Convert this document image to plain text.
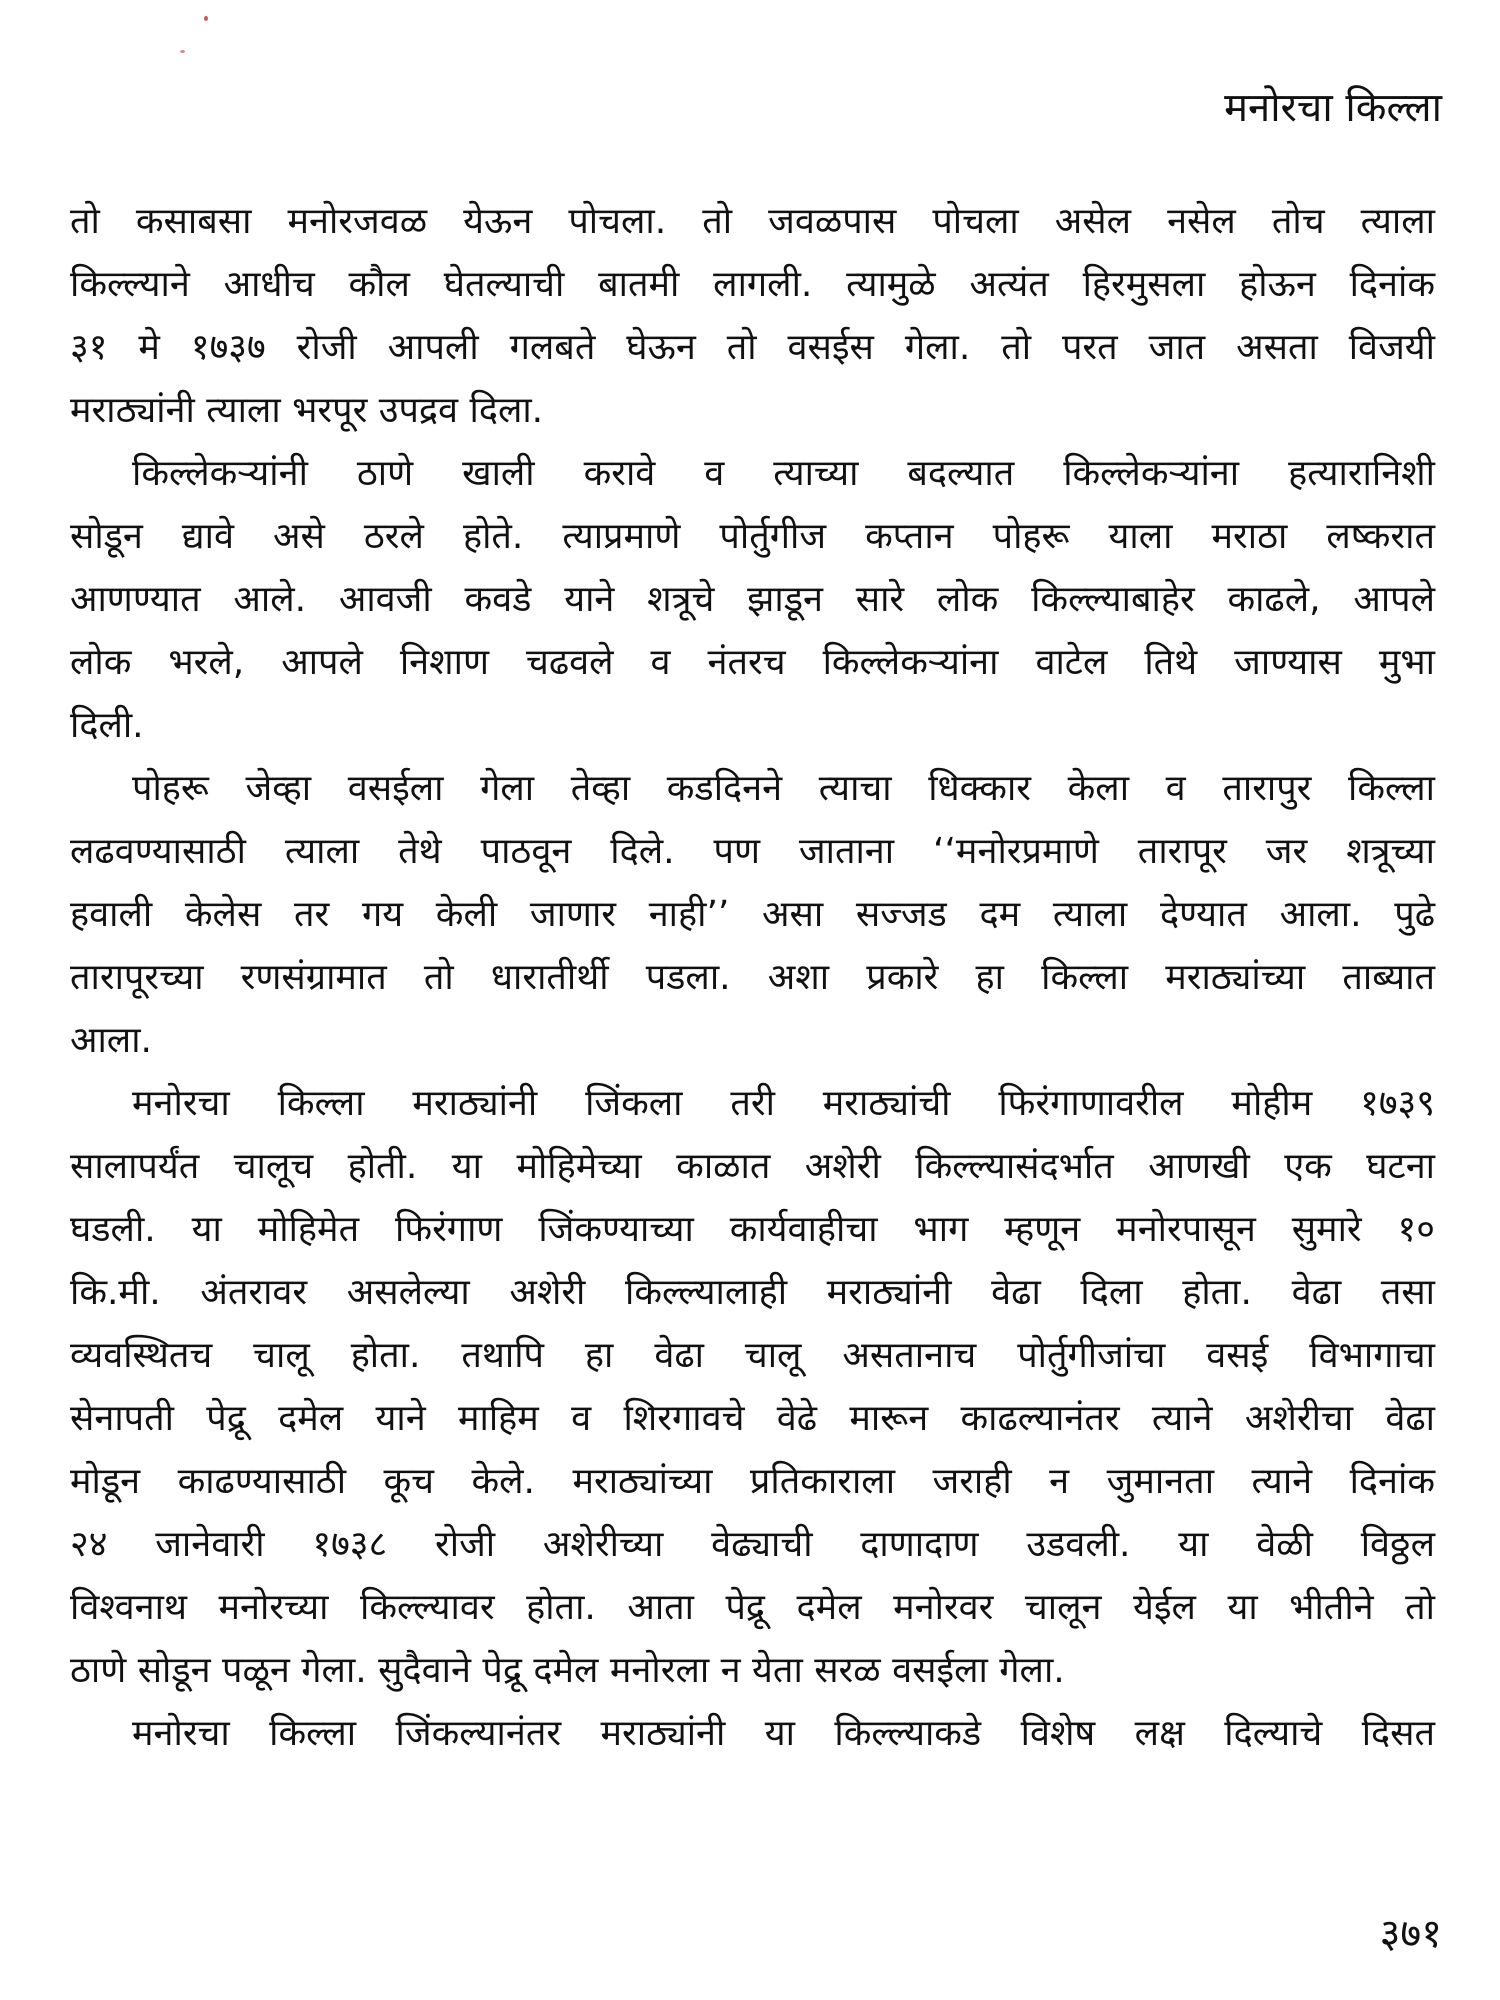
मनोरचा किल्ला
तो कसाबसा मनोरजवळ येऊन पोचला. तो जवळपास पोचला असेल नसेल तोच त्याला
किल्ल्याने आधीच कौल घेतल्याची बातमी लागली. त्यामुळे अत्यंत हिरमुसला होऊन दिनांक
३१ मे १७३७ रोजी आपली गलबते घेऊन तो वसईस गेला. तो परत जात असता विजयी
मराठ्यांनी त्याला भरपूर उपद्रव दिला.
किल्लेकऱ्यांनी ठाणे खाली करावे व त्याच्या बदल्यात किल्लेकऱ्यांना हत्यारानिशी
सोडून द्यावे असे ठरले होते. त्याप्रमाणे पोर्तुगीज कप्तान पोहरू याला मराठा लष्करात
आणण्यात आले. आवजी कवडे याने शत्रूचे झाडून सारे लोक किल्ल्याबाहेर काढले, आपले
लोक भरले, आपले निशाण चढवले व नंतरच किल्लेकऱ्यांना वाटेल तिथे जाण्यास मुभा
दिली.
पोहरू जेव्हा वसईला गेला तेव्हा कडदिनने त्याचा धिक्कार केला व तारापुर किल्ला
लढवण्यासाठी त्याला तेथे पाठवून दिले. पण जाताना ‘‘मनोरप्रमाणे तारापूर जर शत्रूच्या
हवाली केलेस तर गय केली जाणार नाही’’ असा सज्जड दम त्याला देण्यात आला. पुढे
तारापूरच्या रणसंग्रामात तो धारातीर्थी पडला. अशा प्रकारे हा किल्ला मराठ्यांच्या ताब्यात
आला.
मनोरचा किल्ला मराठ्यांनी जिंकला तरी मराठ्यांची फिरंगाणावरील मोहीम १७३९
सालापर्यंत चालूच होती. या मोहिमेच्या काळात अशेरी किल्ल्यासंदर्भात आणखी एक घटना
घडली. या मोहिमेत फिरंगाण जिंकण्याच्या कार्यवाहीचा भाग म्हणून मनोरपासून सुमारे १०
कि.मी. अंतरावर असलेल्या अशेरी किल्ल्यालाही मराठ्यांनी वेढा दिला होता. वेढा तसा
व्यवस्थितच चालू होता. तथापि हा वेढा चालू असतानाच पोर्तुगीजांचा वसई विभागाचा
सेनापती पेद्रू दमेल याने माहिम व शिरगावचे वेढे मारून काढल्यानंतर त्याने अशेरीचा वेढा
मोडून काढण्यासाठी कूच केले. मराठ्यांच्या प्रतिकाराला जराही न जुमानता त्याने दिनांक
२४ जानेवारी १७३८ रोजी अशेरीच्या वेढ्याची दाणादाण उडवली. या वेळी विठ्ठल
विश्वनाथ मनोरच्या किल्ल्यावर होता. आता पेद्रू दमेल मनोरवर चालून येईल या भीतीने तो
ठाणे सोडून पळून गेला. सुदैवाने पेद्रू दमेल मनोरला न येता सरळ वसईला गेला.
मनोरचा किल्ला जिंकल्यानंतर मराठ्यांनी या किल्ल्याकडे विशेष लक्ष दिल्याचे दिसत
३७१
